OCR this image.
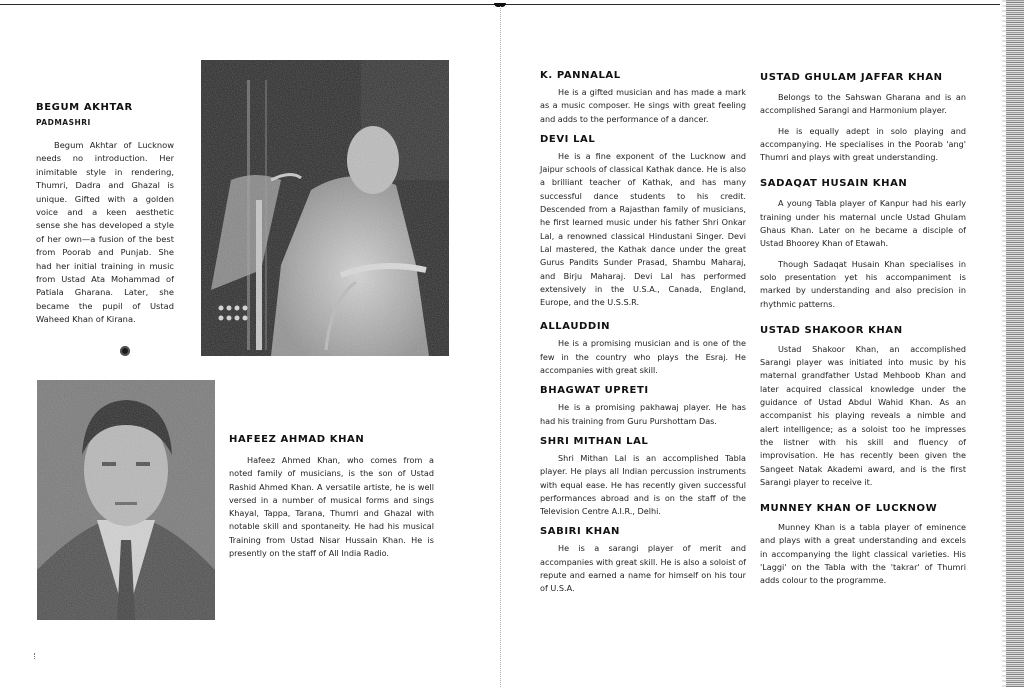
BEGUM AKHTAR
PADMASHRI

Begum Akhtar of Lucknow needs no introduction. Her inimitable style in rendering, Thumri, Dadra and Ghazal is unique. Gifted with a golden voice and a keen aesthetic sense she has developed a style of her own—a fusion of the best from Poorab and Punjab. She had her initial training in music from Ustad Ata Mohammad of Patiala Gharana. Later, she became the pupil of Ustad Waheed Khan of Kirana.

HAFEEZ AHMAD KHAN

Hafeez Ahmed Khan, who comes from a noted family of musicians, is the son of Ustad Rashid Ahmed Khan. A versatile artiste, he is well versed in a number of musical forms and sings Khayal, Tappa, Tarana, Thumri and Ghazal with notable skill and spontaneity. He had his musical Training from Ustad Nisar Hussain Khan. He is presently on the staff of All India Radio.

K. PANNALAL

He is a gifted musician and has made a mark as a music composer. He sings with great feeling and adds to the performance of a dancer.

DEVI LAL

He is a fine exponent of the Lucknow and Jaipur schools of classical Kathak dance. He is also a brilliant teacher of Kathak, and has many successful dance students to his credit. Descended from a Rajasthan family of musicians, he first learned music under his father Shri Onkar Lal, a renowned classical Hindustani Singer. Devi Lal mastered, the Kathak dance under the great Gurus Pandits Sunder Prasad, Shambu Maharaj, and Birju Maharaj. Devi Lal has performed extensively in the U.S.A., Canada, England, Europe, and the U.S.S.R.

ALLAUDDIN

He is a promising musician and is one of the few in the country who plays the Esraj. He accompanies with great skill.

BHAGWAT UPRETI

He is a promising pakhawaj player. He has had his training from Guru Purshottam Das.

SHRI MITHAN LAL

Shri Mithan Lal is an accomplished Tabla player. He plays all Indian percussion instruments with equal ease. He has recently given successful performances abroad and is on the staff of the Television Centre A.I.R., Delhi.

SABIRI KHAN

He is a sarangi player of merit and accompanies with great skill. He is also a soloist of repute and earned a name for himself on his tour of U.S.A.

USTAD GHULAM JAFFAR KHAN

Belongs to the Sahswan Gharana and is an accomplished Sarangi and Harmonium player.

He is equally adept in solo playing and accompanying. He specialises in the Poorab 'ang' Thumri and plays with great understanding.

SADAQAT HUSAIN KHAN

A young Tabla player of Kanpur had his early training under his maternal uncle Ustad Ghulam Ghaus Khan. Later on he became a disciple of Ustad Bhoorey Khan of Etawah.

Though Sadaqat Husain Khan specialises in solo presentation yet his accompaniment is marked by understanding and also precision in rhythmic patterns.

USTAD SHAKOOR KHAN

Ustad Shakoor Khan, an accomplished Sarangi player was initiated into music by his maternal grandfather Ustad Mehboob Khan and later acquired classical knowledge under the guidance of Ustad Abdul Wahid Khan. As an accompanist his playing reveals a nimble and alert intelligence; as a soloist too he impresses the listner with his skill and fluency of improvisation. He has recently been given the Sangeet Natak Akademi award, and is the first Sarangi player to receive it.

MUNNEY KHAN OF LUCKNOW

Munney Khan is a tabla player of eminence and plays with a great understanding and excels in accompanying the light classical varieties. His 'Laggi' on the Tabla with the 'takrar' of Thumri adds colour to the programme.
